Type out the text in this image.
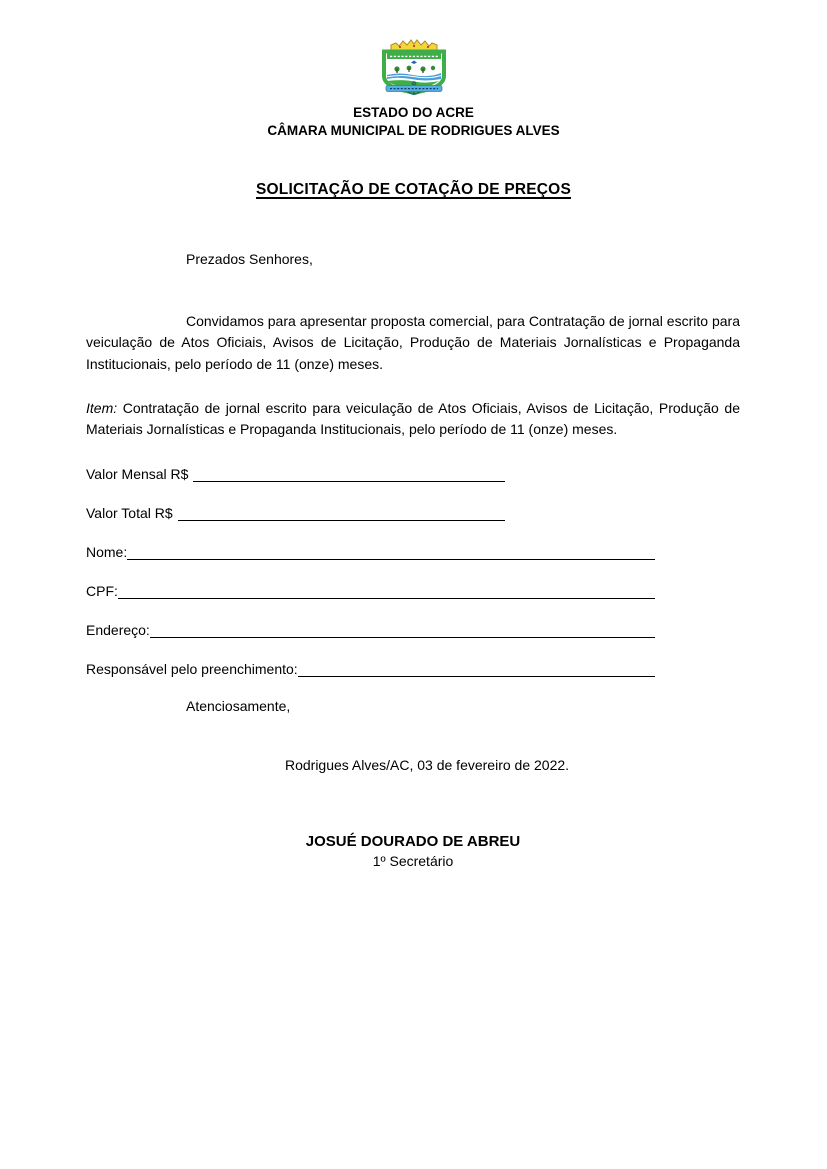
ESTADO DO ACRE
CÂMARA MUNICIPAL DE RODRIGUES ALVES
SOLICITAÇÃO DE COTAÇÃO DE PREÇOS
Prezados Senhores,

Convidamos para apresentar proposta comercial, para Contratação de jornal escrito para veiculação de Atos Oficiais, Avisos de Licitação, Produção de Materiais Jornalísticas e Propaganda Institucionais, pelo período de 11 (onze) meses.

Item: Contratação de jornal escrito para veiculação de Atos Oficiais, Avisos de Licitação, Produção de Materiais Jornalísticas e Propaganda Institucionais, pelo período de 11 (onze) meses.

Valor Mensal R$
Valor Total R$
Nome:
CPF:
Endereço:
Responsável pelo preenchimento:
Atenciosamente,
Rodrigues Alves/AC, 03 de fevereiro de 2022.
JOSUÉ DOURADO DE ABREU
1º Secretário
